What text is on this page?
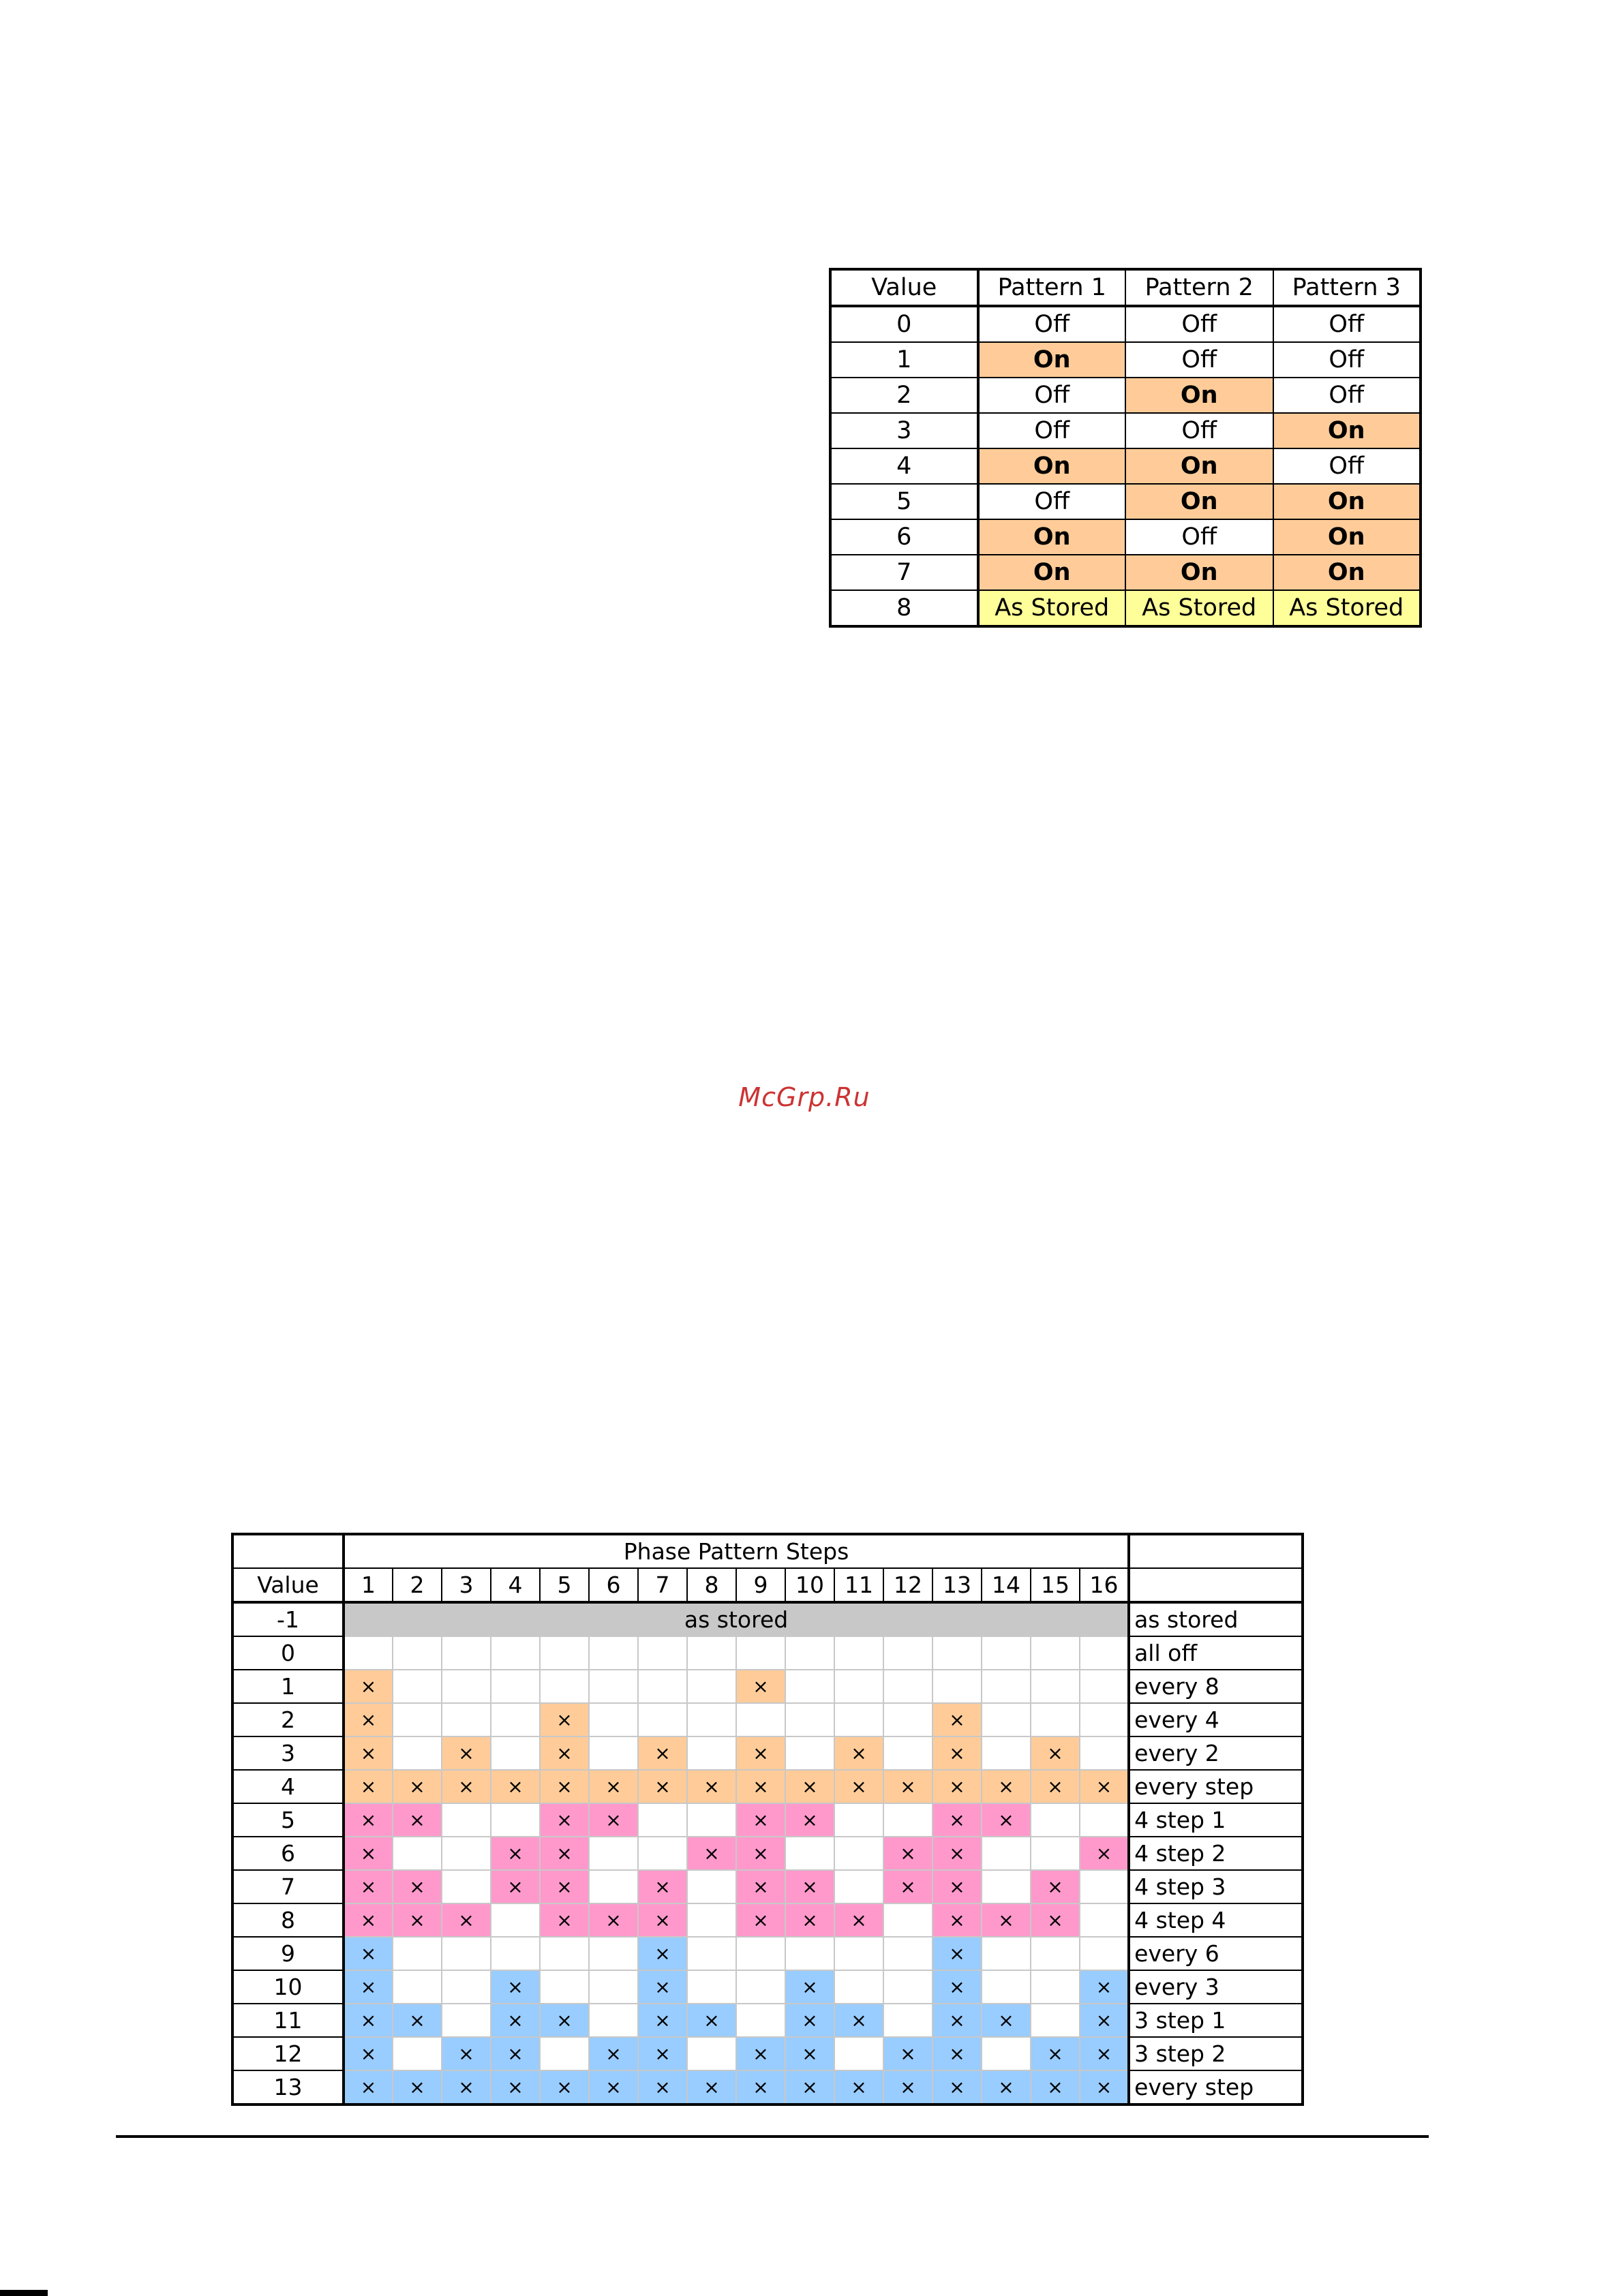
Value	Pattern 1	Pattern 2	Pattern 3
0	Off	Off	Off
1	On	Off	Off
2	Off	On	Off
3	Off	Off	On
4	On	On	Off
5	Off	On	On
6	On	Off	On
7	On	On	On
8	As Stored	As Stored	As Stored
McGrp.Ru
	Phase Pattern Steps																
Value	1	2	3	4	5	6	7	8	9	10	11	12	13	14	15	16	
-1	as stored																as stored
0																	all off
1	×								×								every 8
2	×				×								×				every 4
3	×		×		×		×		×		×		×		×		every 2
4	×	×	×	×	×	×	×	×	×	×	×	×	×	×	×	×	every step
5	×	×			×	×			×	×			×	×			4 step 1
6	×			×	×			×	×			×	×			×	4 step 2
7	×	×		×	×		×		×	×		×	×		×		4 step 3
8	×	×	×		×	×	×		×	×	×		×	×	×		4 step 4
9	×						×						×				every 6
10	×			×			×			×			×			×	every 3
11	×	×		×	×		×	×		×	×		×	×		×	3 step 1
12	×		×	×		×	×		×	×		×	×		×	×	3 step 2
13	×	×	×	×	×	×	×	×	×	×	×	×	×	×	×	×	every step
